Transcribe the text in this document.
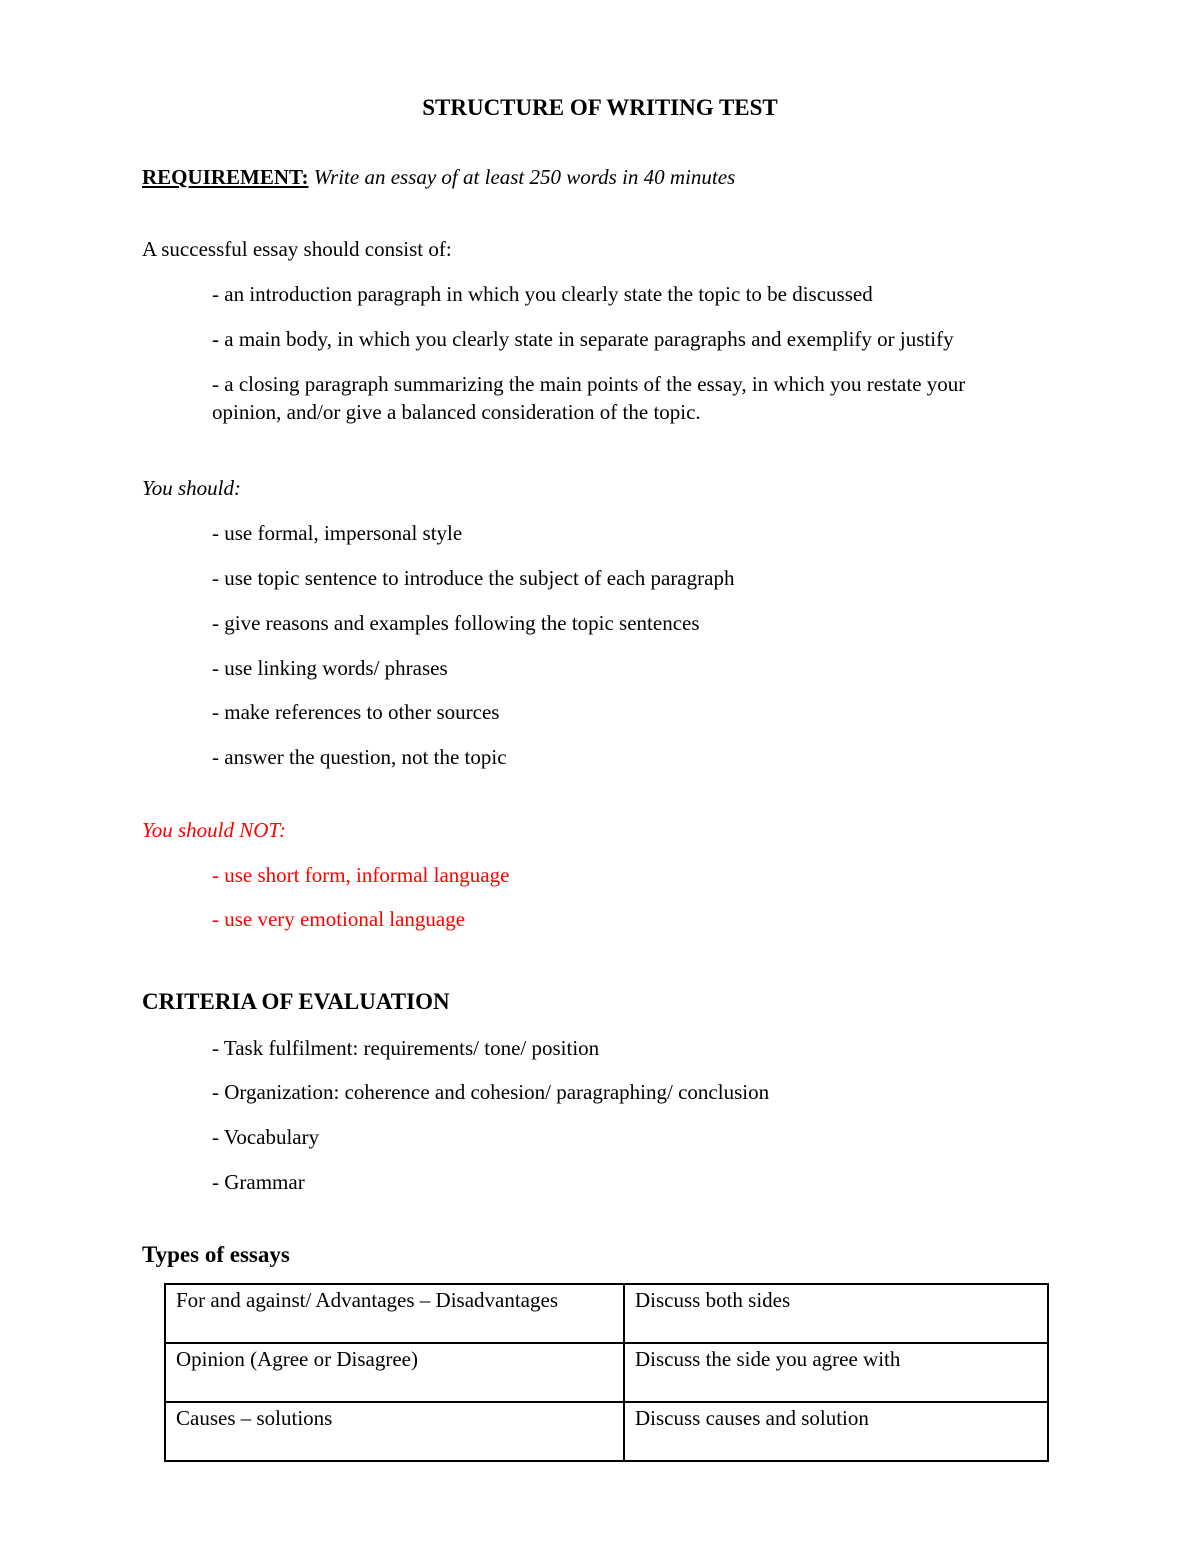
STRUCTURE OF WRITING TEST
REQUIREMENT: Write an essay of at least 250 words in 40 minutes
A successful essay should consist of:
- an introduction paragraph in which you clearly state the topic to be discussed
- a main body, in which you clearly state in separate paragraphs and exemplify or justify
- a closing paragraph summarizing the main points of the essay, in which you restate your
opinion, and/or give a balanced consideration of the topic.
You should:
- use formal, impersonal style
- use topic sentence to introduce the subject of each paragraph
- give reasons and examples following the topic sentences
- use linking words/ phrases
- make references to other sources
- answer the question, not the topic
You should NOT:
- use short form, informal language
- use very emotional language
CRITERIA OF EVALUATION
- Task fulfilment: requirements/ tone/ position
- Organization: coherence and cohesion/ paragraphing/ conclusion
- Vocabulary
- Grammar
Types of essays
For and against/ Advantages – Disadvantages	Discuss both sides
Opinion (Agree or Disagree)	Discuss the side you agree with
Causes – solutions	Discuss causes and solution
